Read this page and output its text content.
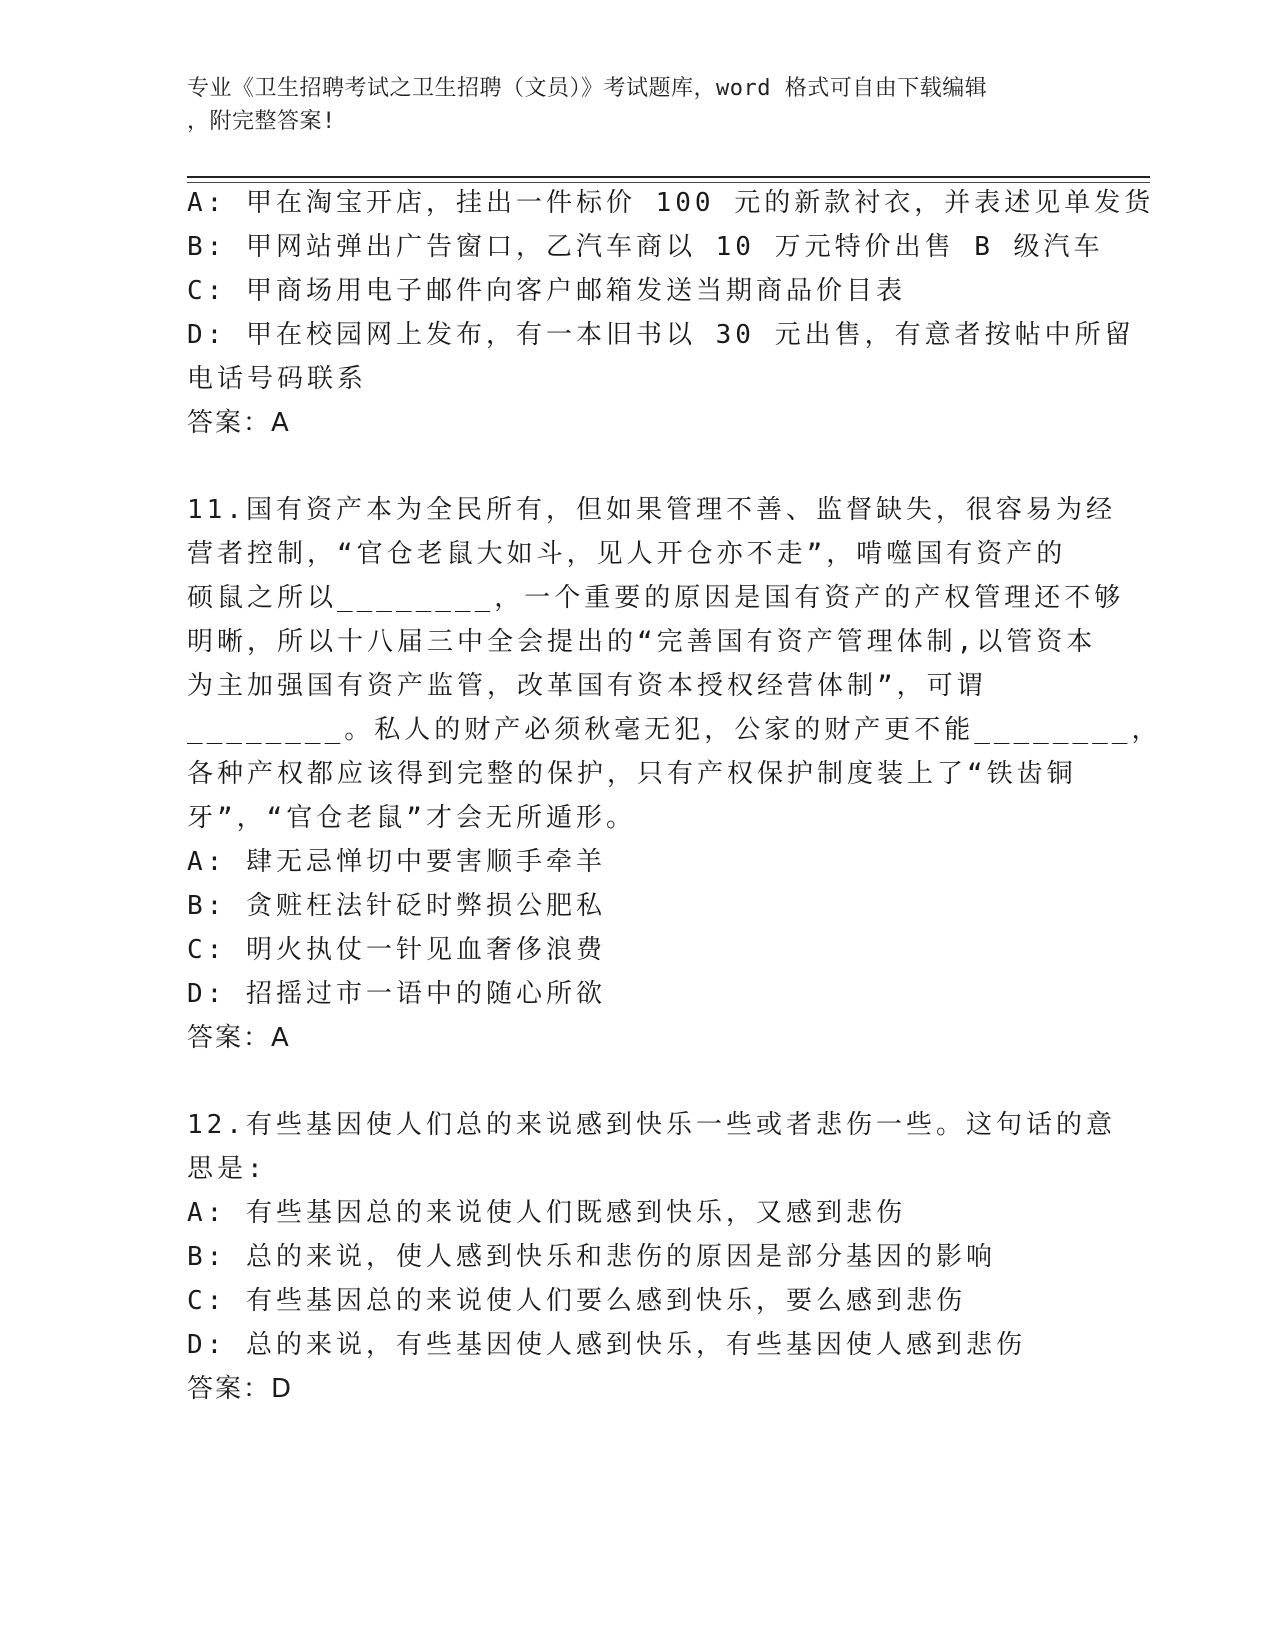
专业《卫生招聘考试之卫生招聘（文员）》考试题库，word 格式可自由下载编辑
，附完整答案!
A: 甲在淘宝开店，挂出一件标价 100 元的新款衬衣，并表述见单发货
B: 甲网站弹出广告窗口，乙汽车商以 10 万元特价出售 B 级汽车
C: 甲商场用电子邮件向客户邮箱发送当期商品价目表
D: 甲在校园网上发布，有一本旧书以 30 元出售，有意者按帖中所留
电话号码联系
答案：A
11.国有资产本为全民所有，但如果管理不善、监督缺失，很容易为经
营者控制，“官仓老鼠大如斗，见人开仓亦不走”，啃噬国有资产的
硕鼠之所以________，一个重要的原因是国有资产的产权管理还不够
明晰，所以十八届三中全会提出的“完善国有资产管理体制,以管资本
为主加强国有资产监管，改革国有资本授权经营体制”，可谓
________。私人的财产必须秋毫无犯，公家的财产更不能________，
各种产权都应该得到完整的保护，只有产权保护制度装上了“铁齿铜
牙”，“官仓老鼠”才会无所遁形。
A: 肆无忌惮切中要害顺手牵羊
B: 贪赃枉法针砭时弊损公肥私
C: 明火执仗一针见血奢侈浪费
D: 招摇过市一语中的随心所欲
答案：A
12.有些基因使人们总的来说感到快乐一些或者悲伤一些。这句话的意
思是:
A: 有些基因总的来说使人们既感到快乐，又感到悲伤
B: 总的来说，使人感到快乐和悲伤的原因是部分基因的影响
C: 有些基因总的来说使人们要么感到快乐，要么感到悲伤
D: 总的来说，有些基因使人感到快乐，有些基因使人感到悲伤
答案：D
